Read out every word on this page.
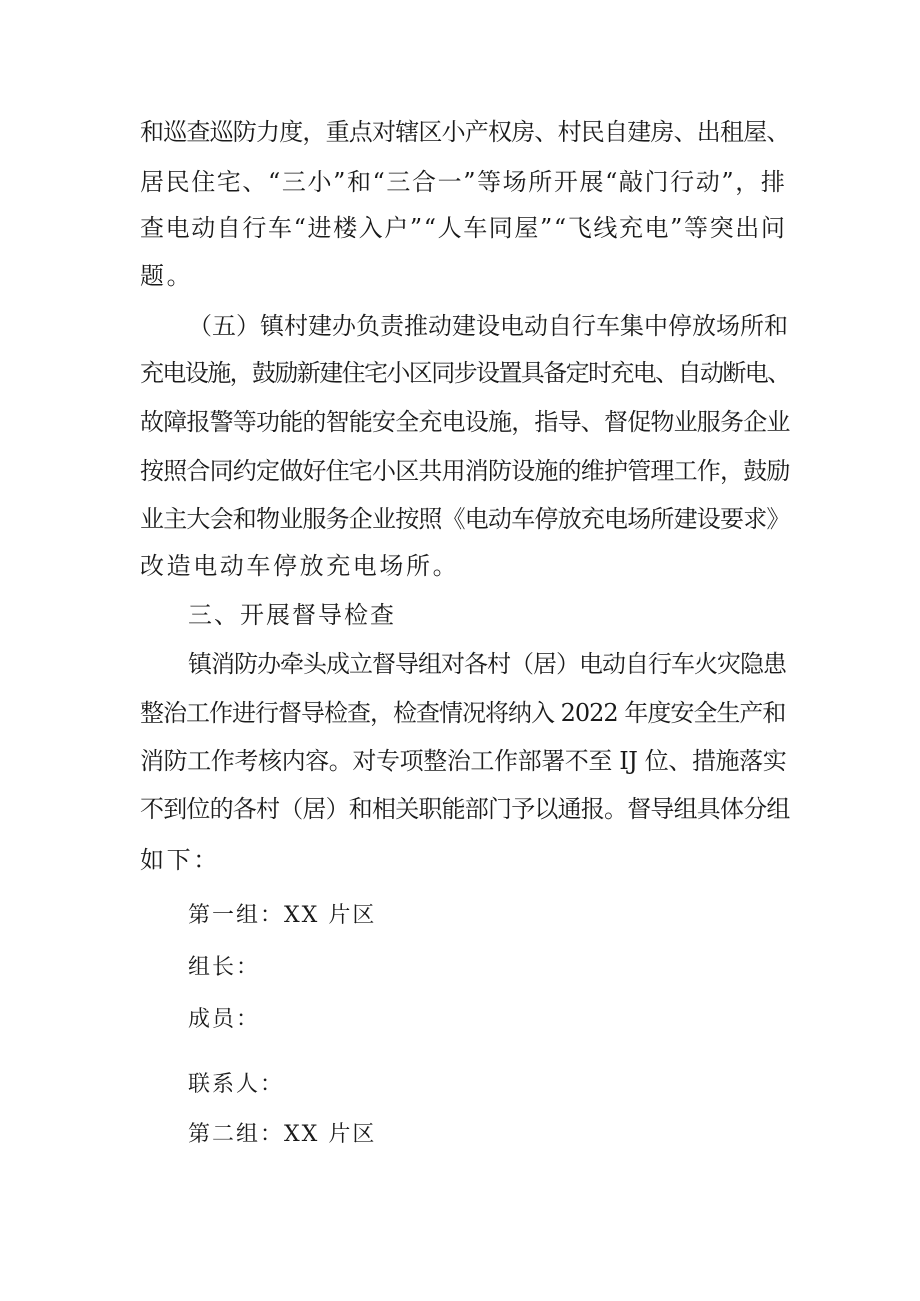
和巡查巡防力度，重点对辖区小产权房、村民自建房、出租屋、
居民住宅、“三小”和“三合一”等场所开展“敲门行动”，排
查电动自行车“进楼入户”“人车同屋”“飞线充电”等突出问
题。
（五）镇村建办负责推动建设电动自行车集中停放场所和
充电设施，鼓励新建住宅小区同步设置具备定时充电、自动断电、
故障报警等功能的智能安全充电设施，指导、督促物业服务企业
按照合同约定做好住宅小区共用消防设施的维护管理工作，鼓励
业主大会和物业服务企业按照《电动车停放充电场所建设要求》
改造电动车停放充电场所。
三、开展督导检查
镇消防办牵头成立督导组对各村（居）电动自行车火灾隐患
整治工作进行督导检查，检查情况将纳入 2022 年度安全生产和
消防工作考核内容。对专项整治工作部署不至 IJ 位、措施落实
不到位的各村（居）和相关职能部门予以通报。督导组具体分组
如下：
第一组：XX 片区
组长：
成员：
联系人：
第二组：XX 片区
